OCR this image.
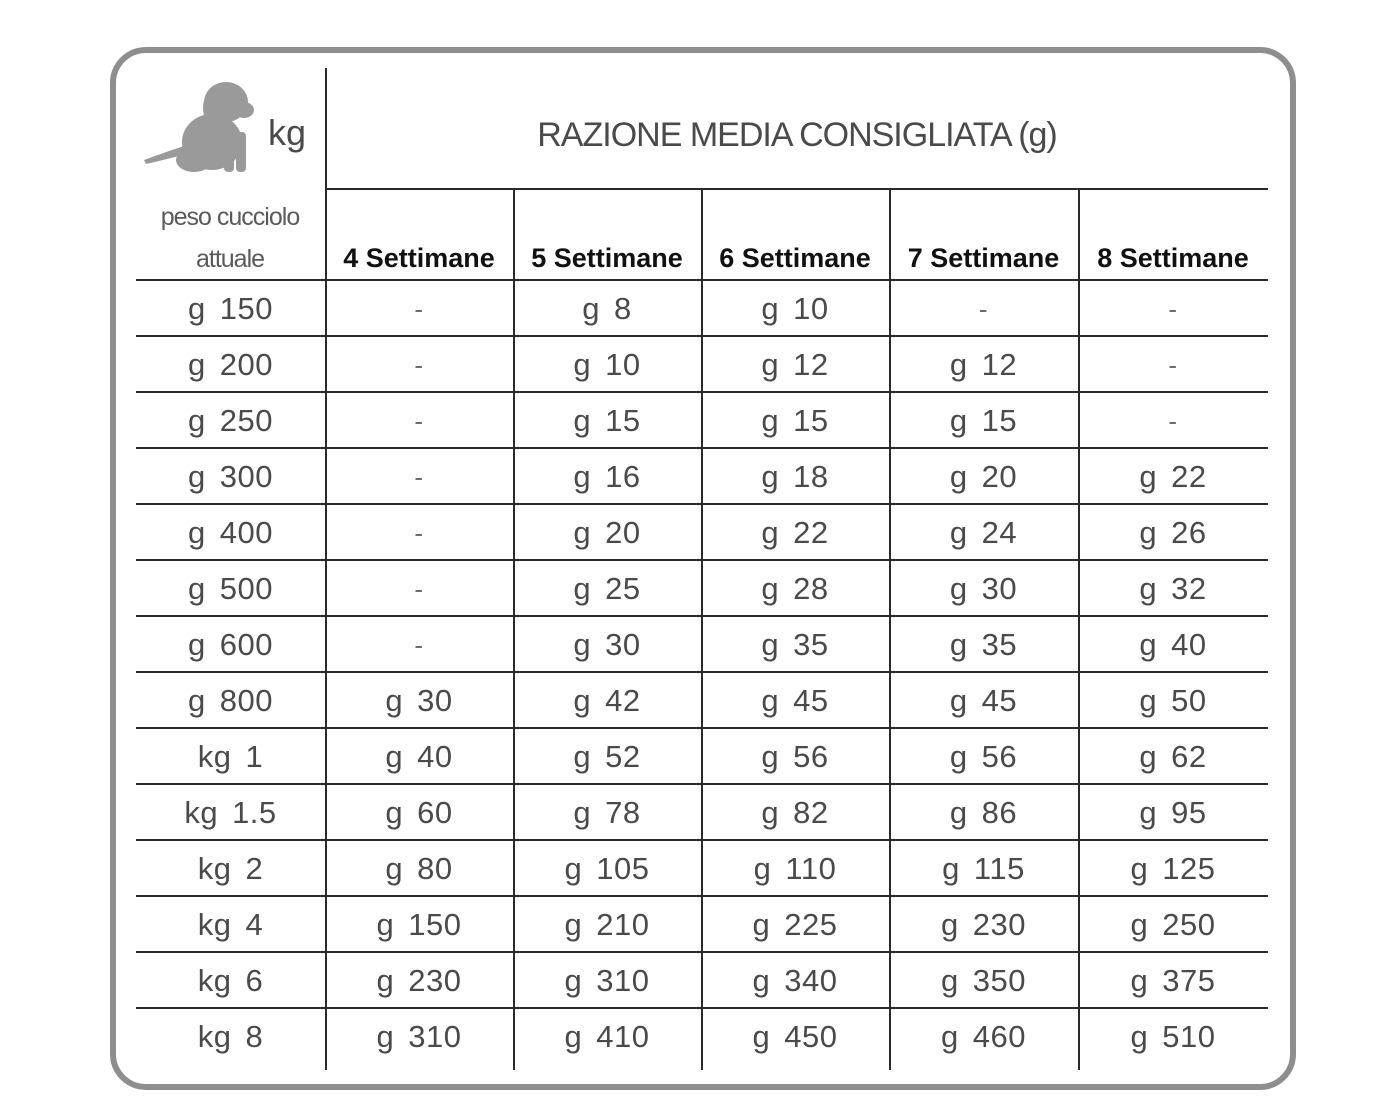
kg
peso cucciolo
attuale
RAZIONE MEDIA CONSIGLIATA (g)
4 Settimane	5 Settimane	6 Settimane	7 Settimane	8 Settimane
g 150	-	g 8	g 10	-	-
g 200	-	g 10	g 12	g 12	-
g 250	-	g 15	g 15	g 15	-
g 300	-	g 16	g 18	g 20	g 22
g 400	-	g 20	g 22	g 24	g 26
g 500	-	g 25	g 28	g 30	g 32
g 600	-	g 30	g 35	g 35	g 40
g 800	g 30	g 42	g 45	g 45	g 50
kg 1	g 40	g 52	g 56	g 56	g 62
kg 1.5	g 60	g 78	g 82	g 86	g 95
kg 2	g 80	g 105	g 110	g 115	g 125
kg 4	g 150	g 210	g 225	g 230	g 250
kg 6	g 230	g 310	g 340	g 350	g 375
kg 8	g 310	g 410	g 450	g 460	g 510
